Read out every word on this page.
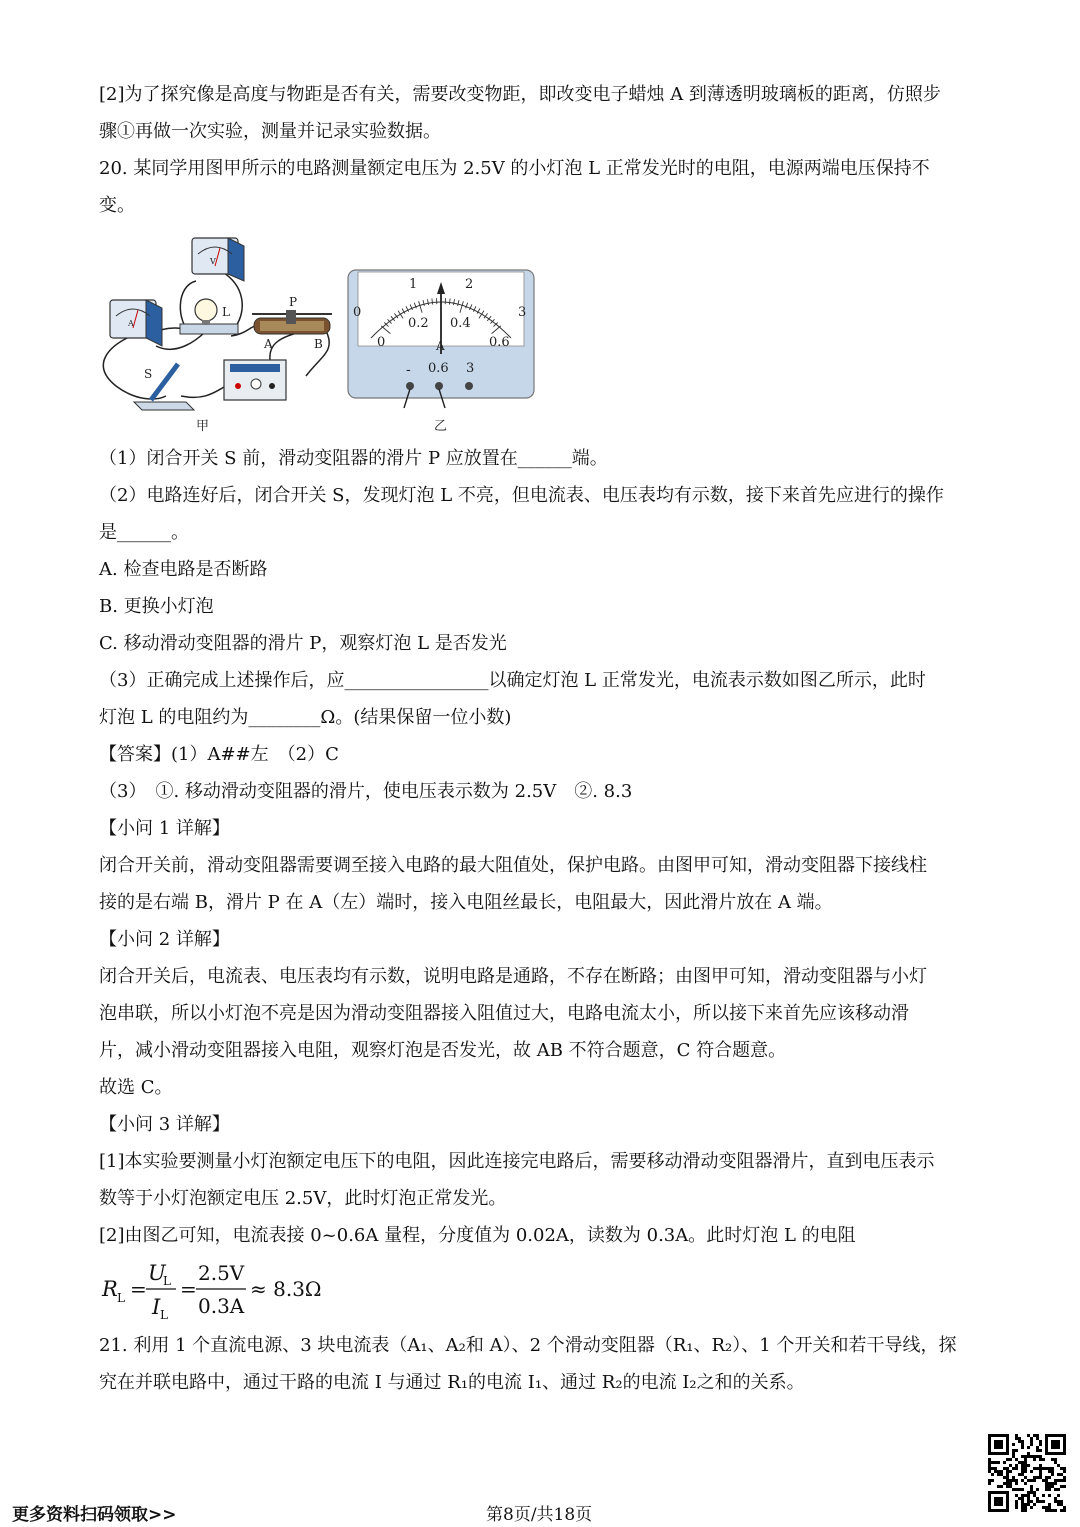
[2]为了探究像是高度与物距是否有关，需要改变物距，即改变电子蜡烛 A 到薄透明玻璃板的距离，仿照步
骤①再做一次实验，测量并记录实验数据。
20. 某同学用图甲所示的电路测量额定电压为 2.5V 的小灯泡 L 正常发光时的电阻，电源两端电压保持不
变。
（1）闭合开关 S 前，滑动变阻器的滑片 P 应放置在______端。
（2）电路连好后，闭合开关 S，发现灯泡 L 不亮，但电流表、电压表均有示数，接下来首先应进行的操作
是______。
A. 检查电路是否断路
B. 更换小灯泡
C. 移动滑动变阻器的滑片 P，观察灯泡 L 是否发光
（3）正确完成上述操作后，应________________以确定灯泡 L 正常发光，电流表示数如图乙所示，此时
灯泡 L 的电阻约为________Ω。(结果保留一位小数)
【答案】(1）A##左　（2）C
（3）　①. 移动滑动变阻器的滑片，使电压表示数为 2.5V　②. 8.3
【小问 1 详解】
闭合开关前，滑动变阻器需要调至接入电路的最大阻值处，保护电路。由图甲可知，滑动变阻器下接线柱
接的是右端 B，滑片 P 在 A（左）端时，接入电阻丝最长，电阻最大，因此滑片放在 A 端。
【小问 2 详解】
闭合开关后，电流表、电压表均有示数，说明电路是通路，不存在断路；由图甲可知，滑动变阻器与小灯
泡串联，所以小灯泡不亮是因为滑动变阻器接入阻值过大，电路电流太小，所以接下来首先应该移动滑
片，减小滑动变阻器接入电阻，观察灯泡是否发光，故 AB 不符合题意，C 符合题意。
故选 C。
【小问 3 详解】
[1]本实验要测量小灯泡额定电压下的电阻，因此连接完电路后，需要移动滑动变阻器滑片，直到电压表示
数等于小灯泡额定电压 2.5V，此时灯泡正常发光。
[2]由图乙可知，电流表接 0~0.6A 量程，分度值为 0.02A，读数为 0.3A。此时灯泡 L 的电阻
21. 利用 1 个直流电源、3 块电流表（A₁、A₂和 A）、2 个滑动变阻器（R₁、R₂）、1 个开关和若干导线，探
究在并联电路中，通过干路的电流 I 与通过 R₁的电流 I₁、通过 R₂的电流 I₂之和的关系。
V
A
L
P
A	B
S
甲
0
1	2
3
0
0.2 0.4
0.6
A
- 0.6 3
乙
R L =
U
L
I L
=
2.5V
0.3A
≈ 8.3Ω
更多资料扫码领取>>	第8页/共18页
